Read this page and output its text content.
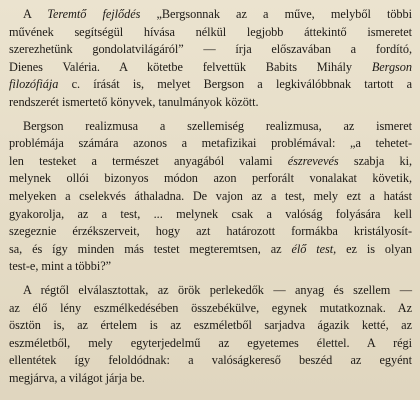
A Teremtő fejlődés „Bergsonnak az a műve, melyből többi
művének segítségül hívása nélkül legjobb áttekintő ismeretet
szerezhetünk gondolatvilágáról” — írja előszavában a fordító,
Dienes Valéria. A kötetbe felvettük Babits Mihály Bergson
filozófiája c. írását is, melyet Bergson a legkiválóbbnak tartott a
rendszerét ismertető könyvek, tanulmányok között.

Bergson realizmusa a szellemiség realizmusa, az ismeret
problémája számára azonos a metafizikai problémával: „a tehetet-
len testeket a természet anyagából valami észrevevés szabja ki,
melynek ollói bizonyos módon azon perforált vonalakat követik,
melyeken a cselekvés áthaladna. De vajon az a test, mely ezt a hatást
gyakorolja, az a test, ... melynek csak a valóság folyására kell
szegeznie érzékszerveit, hogy azt határozott formákba kristályosít-
sa, és így minden más testet megteremtsen, az élő test, ez is olyan
test-e, mint a többi?”

A régtől elválasztottak, az örök perlekedők — anyag és szellem —
az élő lény eszmélkedésében összebékülve, egynek mutatkoznak. Az
ösztön is, az értelem is az eszméletből sarjadva ágazik ketté, az
eszméletből, mely egyterjedelmű az egyetemes élettel. A régi
ellentétek így feloldódnak: a valóságkereső beszéd az egyént
megjárva, a világot járja be.
